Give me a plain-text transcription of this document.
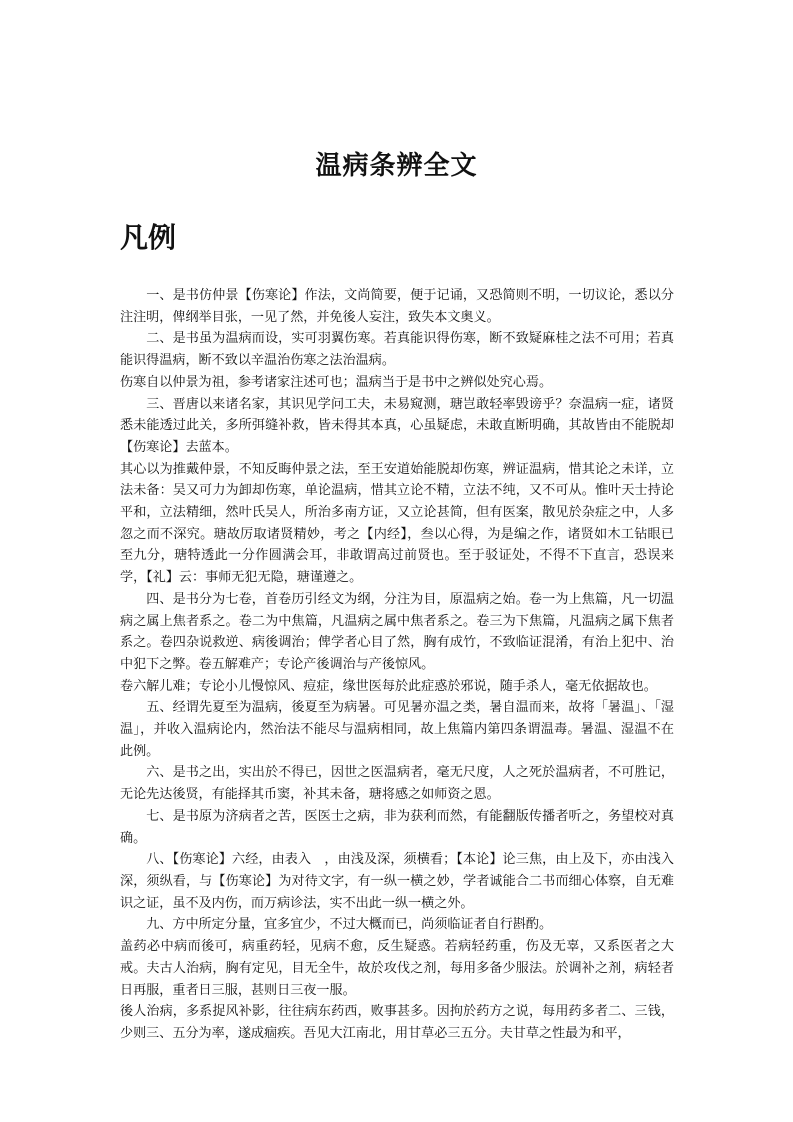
温病条辨全文
凡例

一、是书仿仲景【伤寒论】作法，文尚简要，便于记诵，又恐简则不明，一切议论，悉以分注注明，俾纲举目张，一见了然，并免後人妄注，致失本文奥义。

二、是书虽为温病而设，实可羽翼伤寒。若真能识得伤寒，断不致疑麻桂之法不可用；若真能识得温病，断不致以辛温治伤寒之法治温病。

伤寒自以仲景为祖，参考诸家注述可也；温病当于是书中之辨似处究心焉。

三、晋唐以来诸名家，其识见学问工夫，未易窥测，瑭岂敢轻率毁谤乎？奈温病一症，诸贤悉未能透过此关，多所弭缝补救，皆未得其本真，心虽疑虑，未敢直断明确，其故皆由不能脱却【伤寒论】去蓝本。

其心以为推戴仲景，不知反晦仲景之法，至王安道始能脱却伤寒，辨证温病，惜其论之未详，立法未备：吴又可力为卸却伤寒，单论温病，惜其立论不精，立法不纯，又不可从。惟叶天士持论平和，立法精细，然叶氏吴人，所治多南方证，又立论甚简，但有医案，散见於杂症之中，人多忽之而不深究。瑭故厉取诸贤精妙，考之【内经】，叁以心得，为是编之作，诸贤如木工钻眼已至九分，瑭特透此一分作圆满会耳，非敢谓高过前贤也。至于驳证处，不得不下直言，恐误来学，【礼】云：事师无犯无隐，瑭谨遵之。

四、是书分为七卷，首卷历引经文为纲，分注为目，原温病之始。卷一为上焦篇，凡一切温病之属上焦者系之。卷二为中焦篇，凡温病之属中焦者系之。卷三为下焦篇，凡温病之属下焦者系之。卷四杂说救逆、病後调治；俾学者心目了然，胸有成竹，不致临证混淆，有治上犯中、治中犯下之弊。卷五解难产；专论产後调治与产後惊风。

卷六解儿难；专论小儿慢惊风、痘症，缘世医每於此症惑於邪说，随手杀人，毫无依据故也。

五、经谓先夏至为温病，後夏至为病暑。可见暑亦温之类，暑自温而来，故将「暑温」、「湿温」，并收入温病论内，然治法不能尽与温病相同，故上焦篇内第四条谓温毒。暑温、湿温不在此例。

六、是书之出，实出於不得已，因世之医温病者，毫无尺度，人之死於温病者，不可胜记，无论先达後贤，有能择其币窦，补其未备，瑭将感之如师资之恩。

七、是书原为济病者之苦，医医士之病，非为获利而然，有能翻版传播者听之，务望校对真确。

八、【伤寒论】六经，由表入　，由浅及深，须横看；【本论】论三焦，由上及下，亦由浅入深，须纵看，与【伤寒论】为对待文字，有一纵一横之妙，学者诚能合二书而细心体察，自无难识之证，虽不及内伤，而万病诊法，实不出此一纵一横之外。

九、方中所定分量，宜多宜少，不过大概而已，尚须临证者自行斟酌。

盖药必中病而後可，病重药轻，见病不愈，反生疑惑。若病轻药重，伤及无辜，又系医者之大戒。夫古人治病，胸有定见，目无全牛，故於攻伐之剂，每用多备少服法。於调补之剂，病轻者日再服，重者日三服，甚则日三夜一服。

後人治病，多系捉风补影，往往病东药西，败事甚多。因拘於药方之说，每用药多者二、三钱，少则三、五分为率，遂成痼疾。吾见大江南北，用甘草必三五分。夫甘草之性最为和平，
